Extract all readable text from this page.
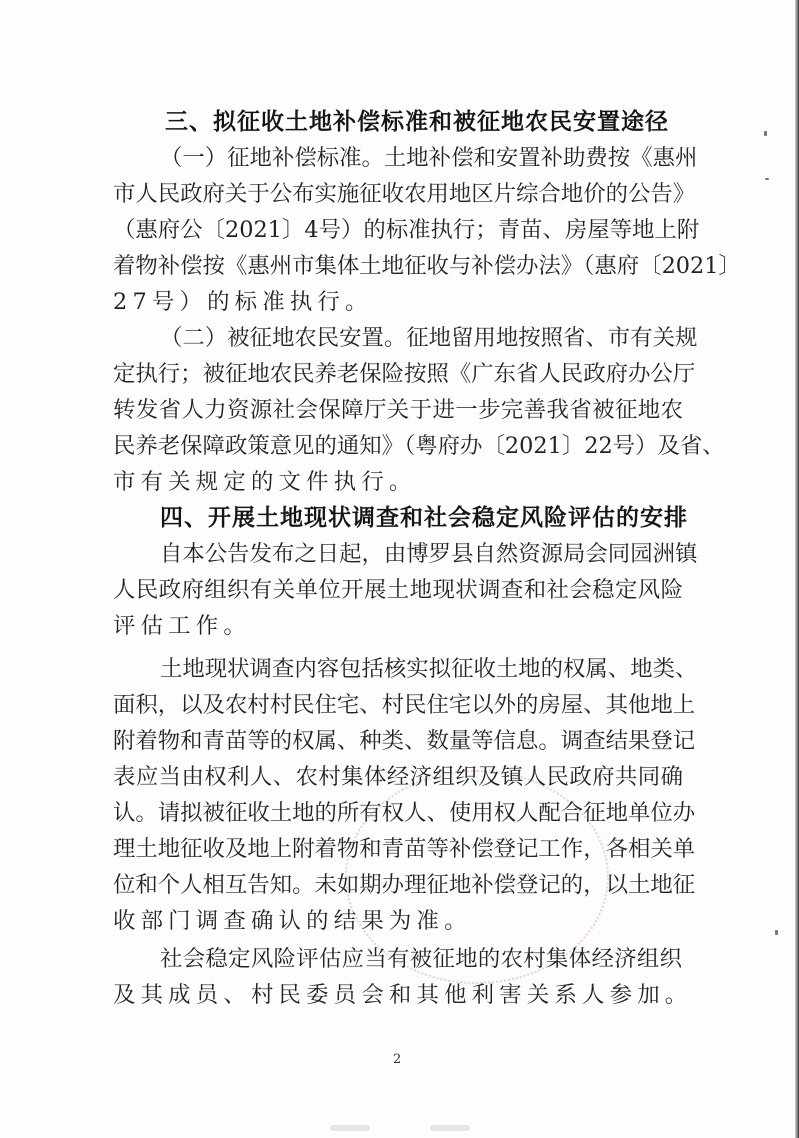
三、拟征收土地补偿标准和被征地农民安置途径
（一）征地补偿标准。土地补偿和安置补助费按《惠州
市人民政府关于公布实施征收农用地区片综合地价的公告》
（惠府公〔2021〕4号）的标准执行；青苗、房屋等地上附
着物补偿按《惠州市集体土地征收与补偿办法》（惠府〔2021〕
27号）的标准执行。
（二）被征地农民安置。征地留用地按照省、市有关规
定执行；被征地农民养老保险按照《广东省人民政府办公厅
转发省人力资源社会保障厅关于进一步完善我省被征地农
民养老保障政策意见的通知》（粤府办〔2021〕22号）及省、
市有关规定的文件执行。
四、开展土地现状调查和社会稳定风险评估的安排
自本公告发布之日起，由博罗县自然资源局会同园洲镇
人民政府组织有关单位开展土地现状调查和社会稳定风险
评估工作。
土地现状调查内容包括核实拟征收土地的权属、地类、
面积，以及农村村民住宅、村民住宅以外的房屋、其他地上
附着物和青苗等的权属、种类、数量等信息。调查结果登记
表应当由权利人、农村集体经济组织及镇人民政府共同确
认。请拟被征收土地的所有权人、使用权人配合征地单位办
理土地征收及地上附着物和青苗等补偿登记工作，各相关单
位和个人相互告知。未如期办理征地补偿登记的，以土地征
收部门调查确认的结果为准。
社会稳定风险评估应当有被征地的农村集体经济组织
及其成员、村民委员会和其他利害关系人参加。
2
